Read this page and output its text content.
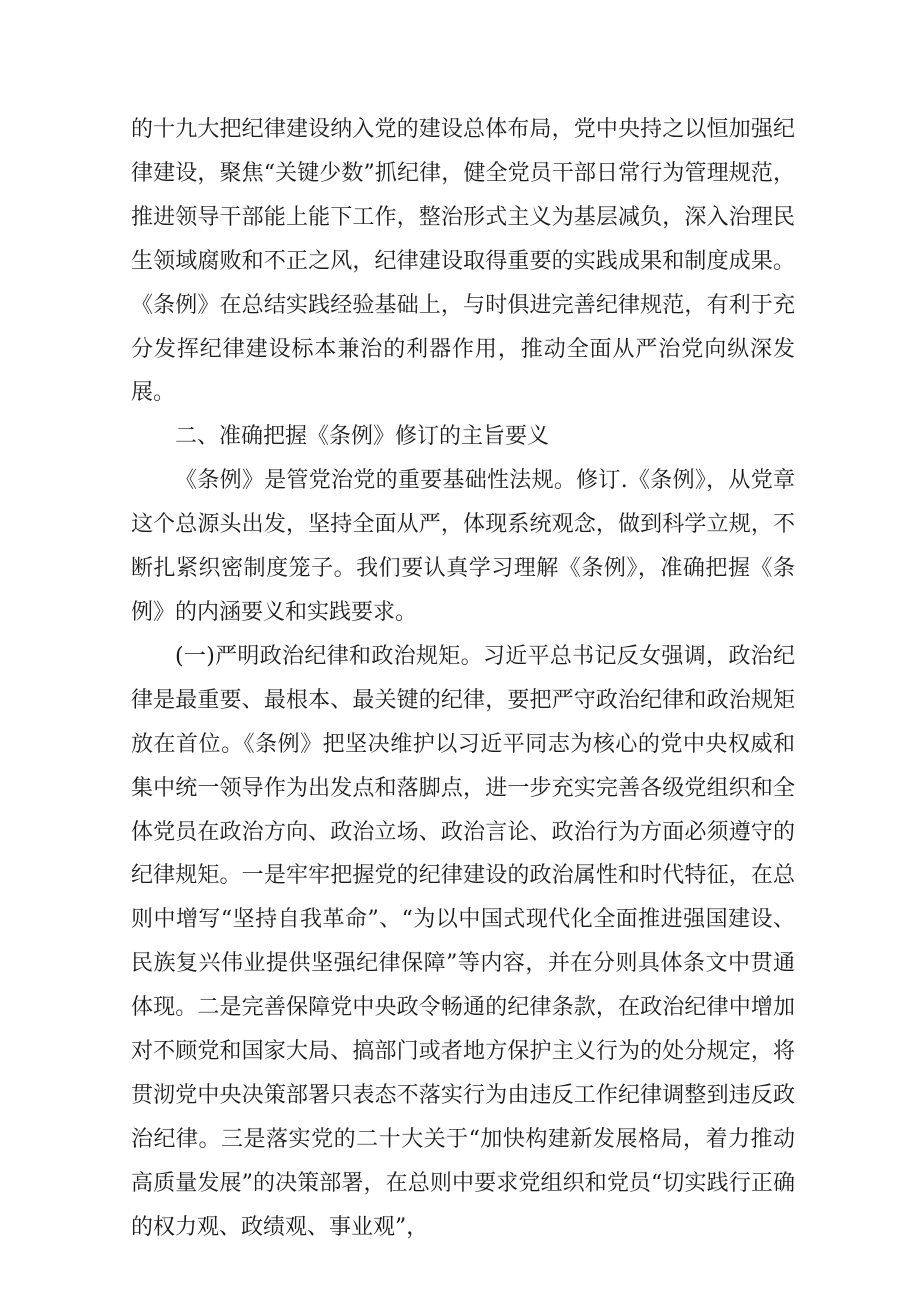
的十九大把纪律建设纳入党的建设总体布局，党中央持之以恒加强纪律建设，聚焦“关键少数”抓纪律，健全党员干部日常行为管理规范，推进领导干部能上能下工作，整治形式主义为基层减负，深入治理民生领域腐败和不正之风，纪律建设取得重要的实践成果和制度成果。《条例》在总结实践经验基础上，与时俱进完善纪律规范，有利于充分发挥纪律建设标本兼治的利器作用，推动全面从严治党向纵深发展。

二、准确把握《条例》修订的主旨要义

《条例》是管党治党的重要基础性法规。修订.《条例》，从党章这个总源头出发，坚持全面从严，体现系统观念，做到科学立规，不断扎紧织密制度笼子。我们要认真学习理解《条例》，准确把握《条例》的内涵要义和实践要求。

(一)严明政治纪律和政治规矩。习近平总书记反女强调，政治纪律是最重要、最根本、最关键的纪律，要把严守政治纪律和政治规矩放在首位。《条例》把坚决维护以习近平同志为核心的党中央权威和集中统一领导作为出发点和落脚点，进一步充实完善各级党组织和全体党员在政治方向、政治立场、政治言论、政治行为方面必须遵守的纪律规矩。一是牢牢把握党的纪律建设的政治属性和时代特征，在总则中增写“坚持自我革命”、“为以中国式现代化全面推进强国建设、民族复兴伟业提供坚强纪律保障”等内容，并在分则具体条文中贯通体现。二是完善保障党中央政令畅通的纪律条款，在政治纪律中增加对不顾党和国家大局、搞部门或者地方保护主义行为的处分规定，将贯沏党中央决策部署只表态不落实行为由违反工作纪律调整到违反政治纪律。三是落实党的二十大关于“加快构建新发展格局，着力推动高质量发展”的决策部署，在总则中要求党组织和党员“切实践行正确的权力观、政绩观、事业观”，
